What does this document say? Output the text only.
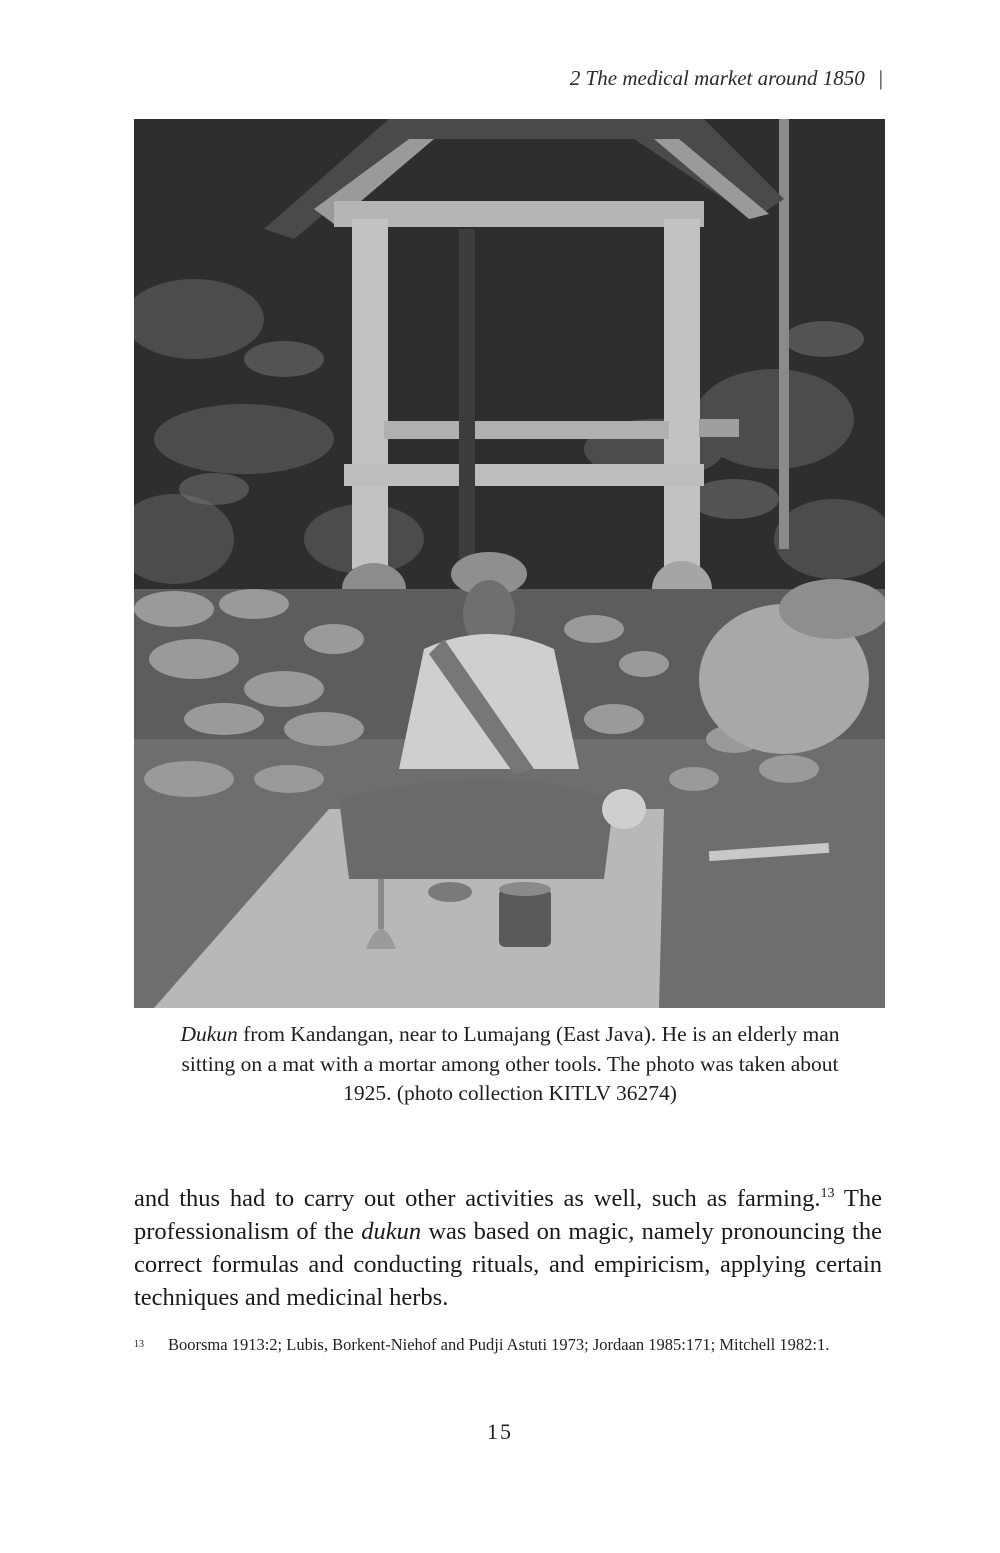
2 The medical market around 1850 |
Dukun from Kandangan, near to Lumajang (East Java). He is an elderly man sitting on a mat with a mortar among other tools. The photo was taken about 1925. (photo collection KITLV 36274)
and thus had to carry out other activities as well, such as farming.$^{13}$ The professionalism of the dukun was based on magic, namely pronouncing the correct formulas and conducting rituals, and empiricism, applying certain techniques and medicinal herbs.
$^{13}$ Boorsma 1913:2; Lubis, Borkent-Niehof and Pudji Astuti 1973; Jordaan 1985:171; Mitchell 1982:1.
15
